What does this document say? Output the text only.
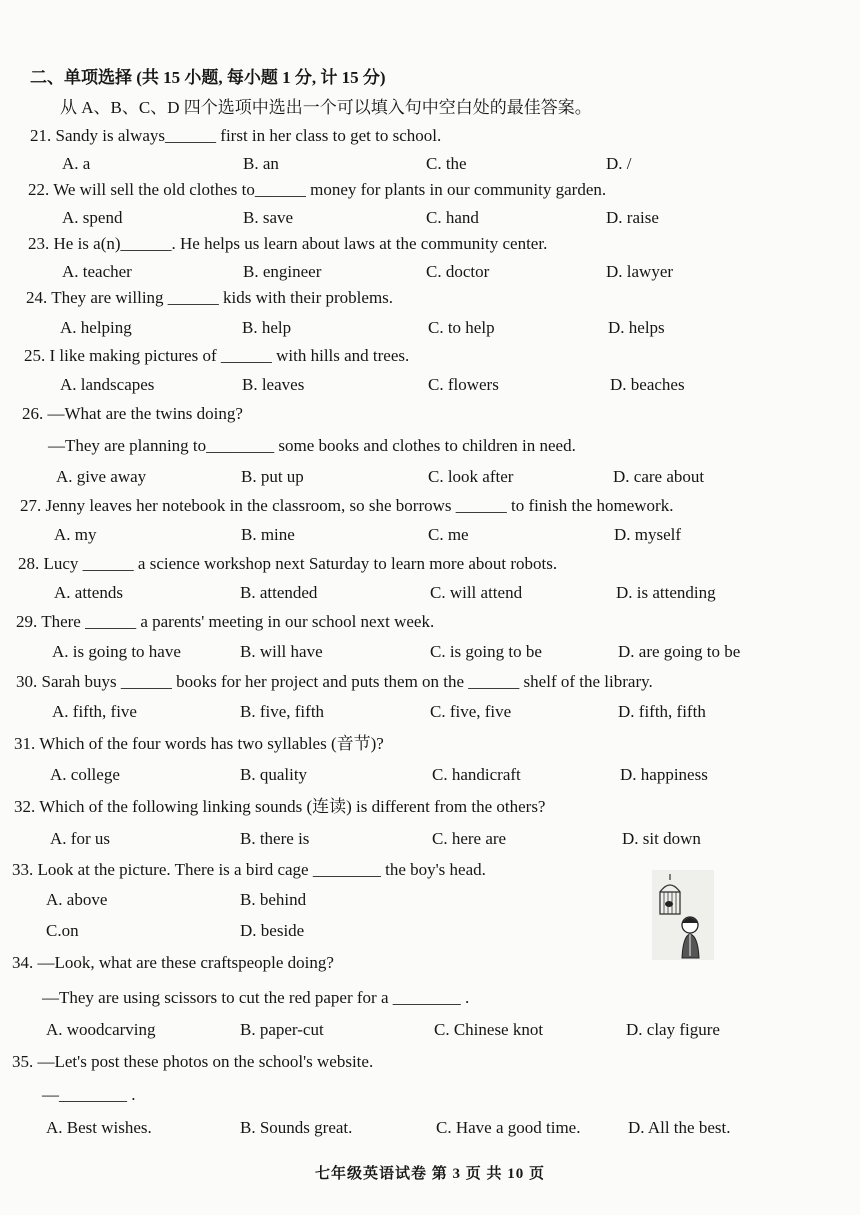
二、单项选择 (共 15 小题, 每小题 1 分, 计 15 分)
从 A、B、C、D 四个选项中选出一个可以填入句中空白处的最佳答案。
21. Sandy is always______ first in her class to get to school.
A. a	B. an	C. the	D. /
22. We will sell the old clothes to______ money for plants in our community garden.
A. spend	B. save	C. hand	D. raise
23. He is a(n)______. He helps us learn about laws at the community center.
A. teacher	B. engineer	C. doctor	D. lawyer
24. They are willing ______ kids with their problems.
A. helping	B. help	C. to help	D. helps
25. I like making pictures of ______ with hills and trees.
A. landscapes	B. leaves	C. flowers	D. beaches
26. —What are the twins doing?
—They are planning to________ some books and clothes to children in need.
A. give away	B. put up	C. look after	D. care about
27. Jenny leaves her notebook in the classroom, so she borrows ______ to finish the homework.
A. my	B. mine	C. me	D. myself
28. Lucy ______ a science workshop next Saturday to learn more about robots.
A. attends	B. attended	C. will attend	D. is attending
29. There ______ a parents' meeting in our school next week.
A. is going to have	B. will have	C. is going to be	D. are going to be
30. Sarah buys ______ books for her project and puts them on the ______ shelf of the library.
A. fifth, five	B. five, fifth	C. five, five	D. fifth, fifth
31. Which of the four words has two syllables (音节)?
A. college	B. quality	C. handicraft	D. happiness
32. Which of the following linking sounds (连读) is different from the others?
A. for us	B. there is	C. here are	D. sit down
33. Look at the picture. There is a bird cage ________ the boy's head.
A. above	B. behind
C.on	D. beside
34. —Look, what are these craftspeople doing?
—They are using scissors to cut the red paper for a ________ .
A. woodcarving	B. paper-cut	C. Chinese knot	D. clay figure
35. —Let's post these photos on the school's website.
—________ .
A. Best wishes.	B. Sounds great.	C. Have a good time.	D. All the best.
七年级英语试卷 第 3 页 共 10 页
